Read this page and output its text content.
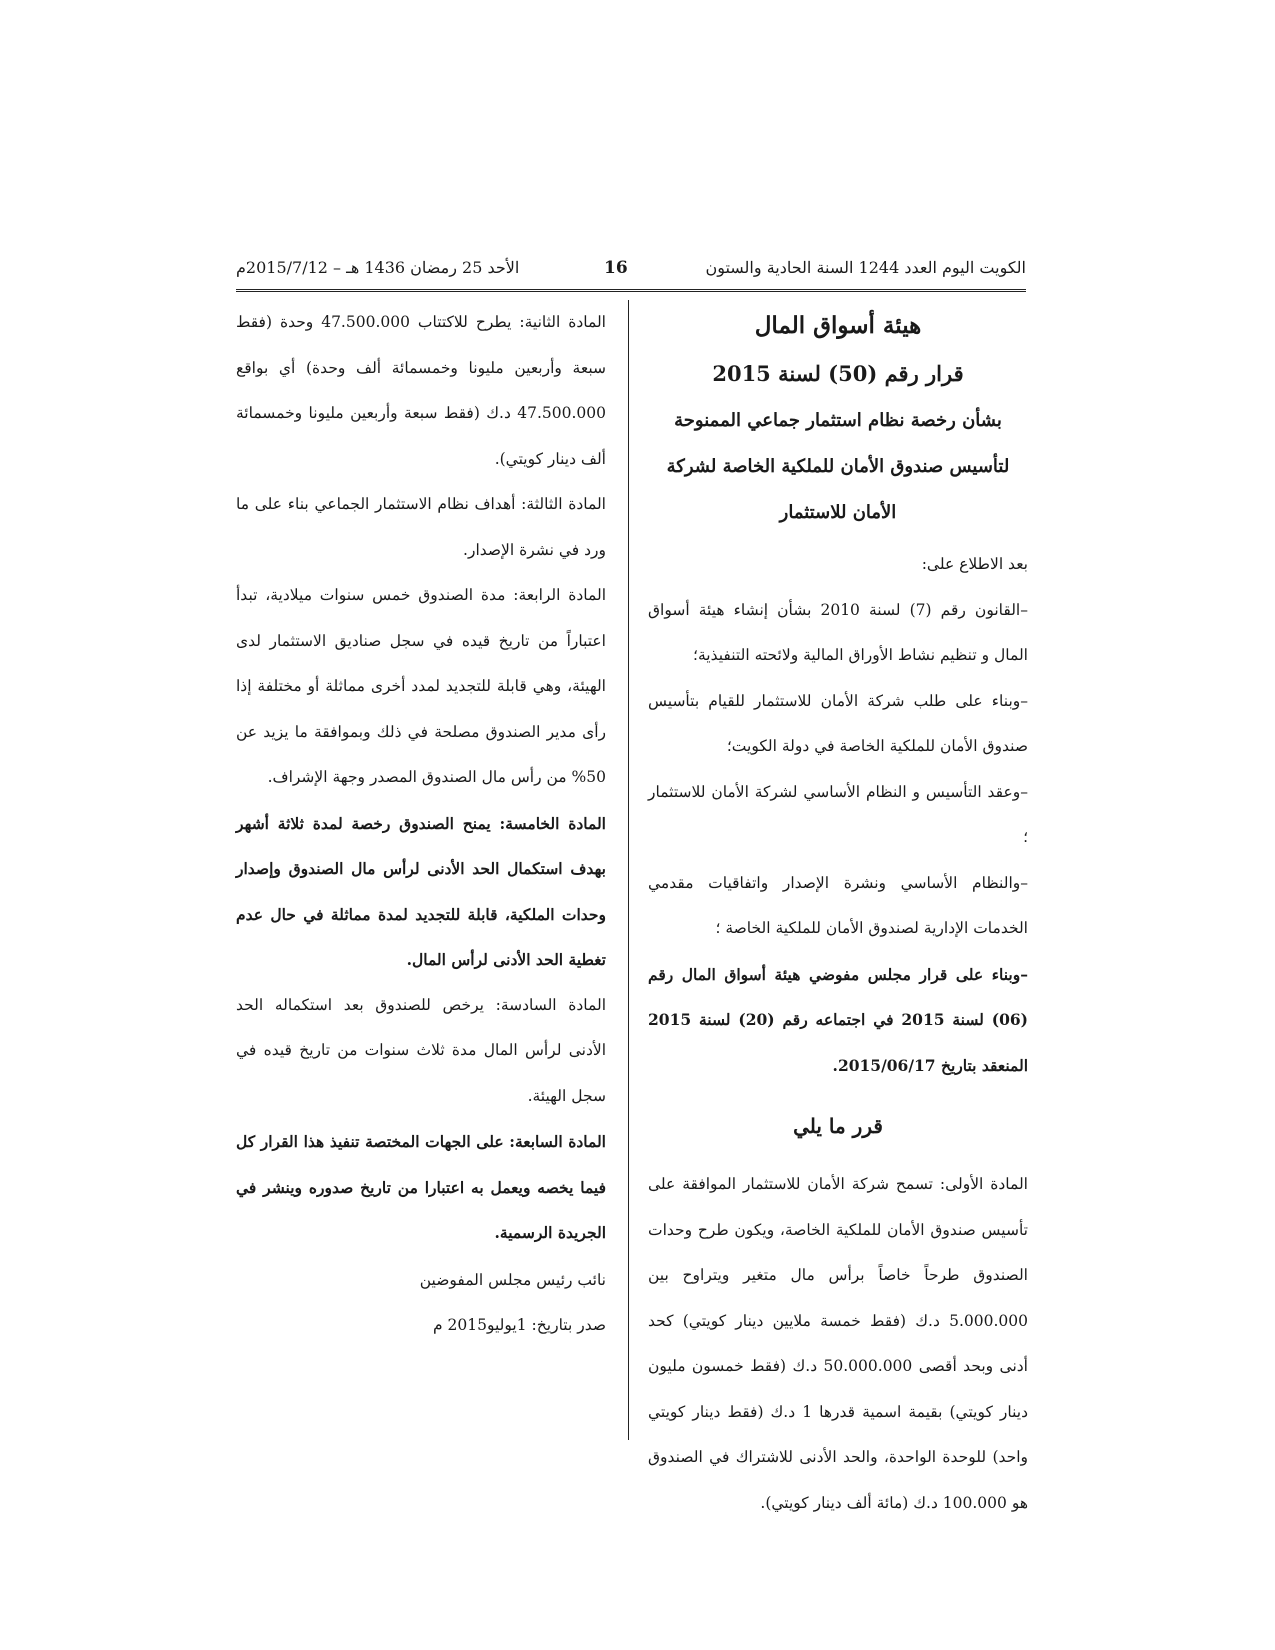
الكويت اليوم العدد 1244 السنة الحادية والستون
16
الأحد 25 رمضان 1436 هـ – 2015/7/12م

هيئة أسواق المال

قرار رقم (50) لسنة 2015

بشأن رخصة نظام استثمار جماعي الممنوحة

لتأسيس صندوق الأمان للملكية الخاصة لشركة

الأمان للاستثمار

بعد الاطلاع على:

–القانون رقم (7) لسنة 2010 بشأن إنشاء هيئة أسواق المال و تنظيم نشاط الأوراق المالية ولائحته التنفيذية؛

–وبناء على طلب شركة الأمان للاستثمار للقيام بتأسيس صندوق الأمان للملكية الخاصة في دولة الكويت؛

–وعقد التأسيس و النظام الأساسي لشركة الأمان للاستثمار ؛

–والنظام الأساسي ونشرة الإصدار واتفاقيات مقدمي الخدمات الإدارية لصندوق الأمان للملكية الخاصة ؛

–وبناء على قرار مجلس مفوضي هيئة أسواق المال رقم (06) لسنة 2015 في اجتماعه رقم (20) لسنة 2015 المنعقد بتاريخ 2015/06/17.

قرر ما يلي

المادة الأولى: تسمح شركة الأمان للاستثمار الموافقة على تأسيس صندوق الأمان للملكية الخاصة، ويكون طرح وحدات الصندوق طرحاً خاصاً برأس مال متغير ويتراوح بين 5.000.000 د.ك (فقط خمسة ملايين دينار كويتي) كحد أدنى وبحد أقصى 50.000.000 د.ك (فقط خمسون مليون دينار كويتي) بقيمة اسمية قدرها 1 د.ك (فقط دينار كويتي واحد) للوحدة الواحدة، والحد الأدنى للاشتراك في الصندوق هو 100.000 د.ك (مائة ألف دينار كويتي).

المادة الثانية: يطرح للاكتتاب 47.500.000 وحدة (فقط سبعة وأربعين مليونا وخمسمائة ألف وحدة) أي بواقع 47.500.000 د.ك (فقط سبعة وأربعين مليونا وخمسمائة ألف دينار كويتي).

المادة الثالثة: أهداف نظام الاستثمار الجماعي بناء على ما ورد في نشرة الإصدار.

المادة الرابعة: مدة الصندوق خمس سنوات ميلادية، تبدأ اعتباراً من تاريخ قيده في سجل صناديق الاستثمار لدى الهيئة، وهي قابلة للتجديد لمدد أخرى مماثلة أو مختلفة إذا رأى مدير الصندوق مصلحة في ذلك وبموافقة ما يزيد عن 50% من رأس مال الصندوق المصدر وجهة الإشراف.

المادة الخامسة: يمنح الصندوق رخصة لمدة ثلاثة أشهر بهدف استكمال الحد الأدنى لرأس مال الصندوق وإصدار وحدات الملكية، قابلة للتجديد لمدة مماثلة في حال عدم تغطية الحد الأدنى لرأس المال.

المادة السادسة: يرخص للصندوق بعد استكماله الحد الأدنى لرأس المال مدة ثلاث سنوات من تاريخ قيده في سجل الهيئة.

المادة السابعة: على الجهات المختصة تنفيذ هذا القرار كل فيما يخصه ويعمل به اعتبارا من تاريخ صدوره وينشر في الجريدة الرسمية.

نائب رئيس مجلس المفوضين

صدر بتاريخ: 1يوليو2015 م
